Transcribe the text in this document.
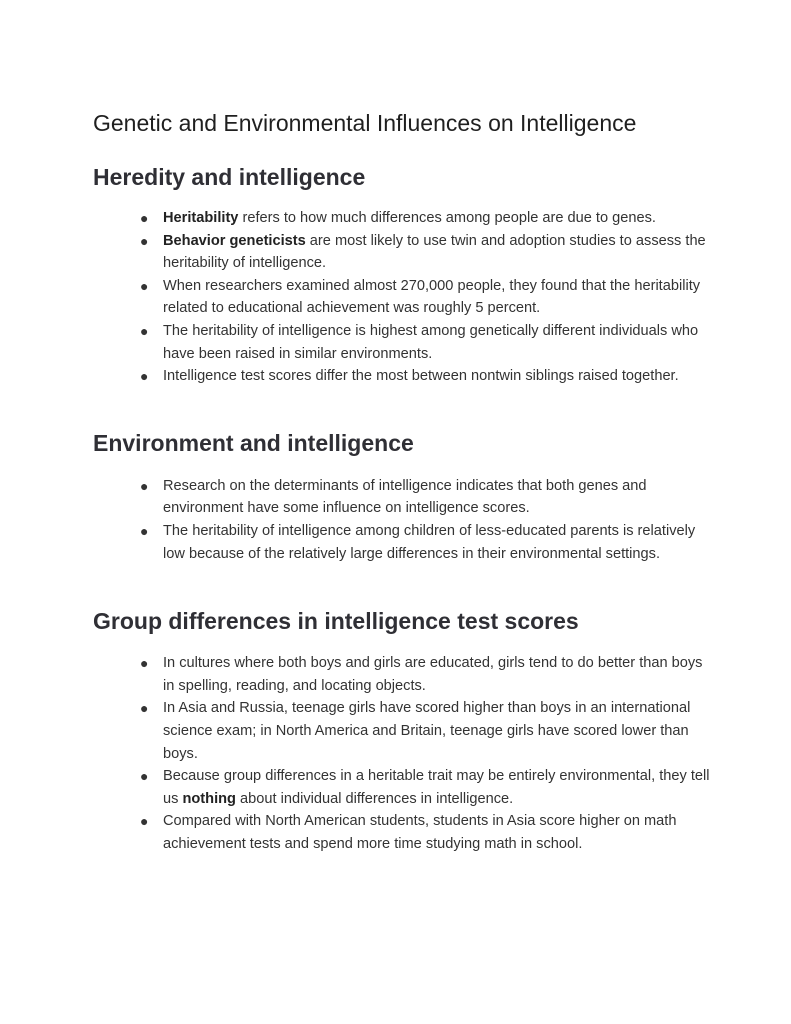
Genetic and Environmental Influences on Intelligence
Heredity and intelligence
● Heritability refers to how much differences among people are due to genes.
● Behavior geneticists are most likely to use twin and adoption studies to assess the heritability of intelligence.
● When researchers examined almost 270,000 people, they found that the heritability related to educational achievement was roughly 5 percent.
● The heritability of intelligence is highest among genetically different individuals who have been raised in similar environments.
● Intelligence test scores differ the most between nontwin siblings raised together.
Environment and intelligence
● Research on the determinants of intelligence indicates that both genes and environment have some influence on intelligence scores.
● The heritability of intelligence among children of less-educated parents is relatively low because of the relatively large differences in their environmental settings.
Group differences in intelligence test scores
● In cultures where both boys and girls are educated, girls tend to do better than boys in spelling, reading, and locating objects.
● In Asia and Russia, teenage girls have scored higher than boys in an international science exam; in North America and Britain, teenage girls have scored lower than boys.
● Because group differences in a heritable trait may be entirely environmental, they tell us nothing about individual differences in intelligence.
● Compared with North American students, students in Asia score higher on math achievement tests and spend more time studying math in school.
